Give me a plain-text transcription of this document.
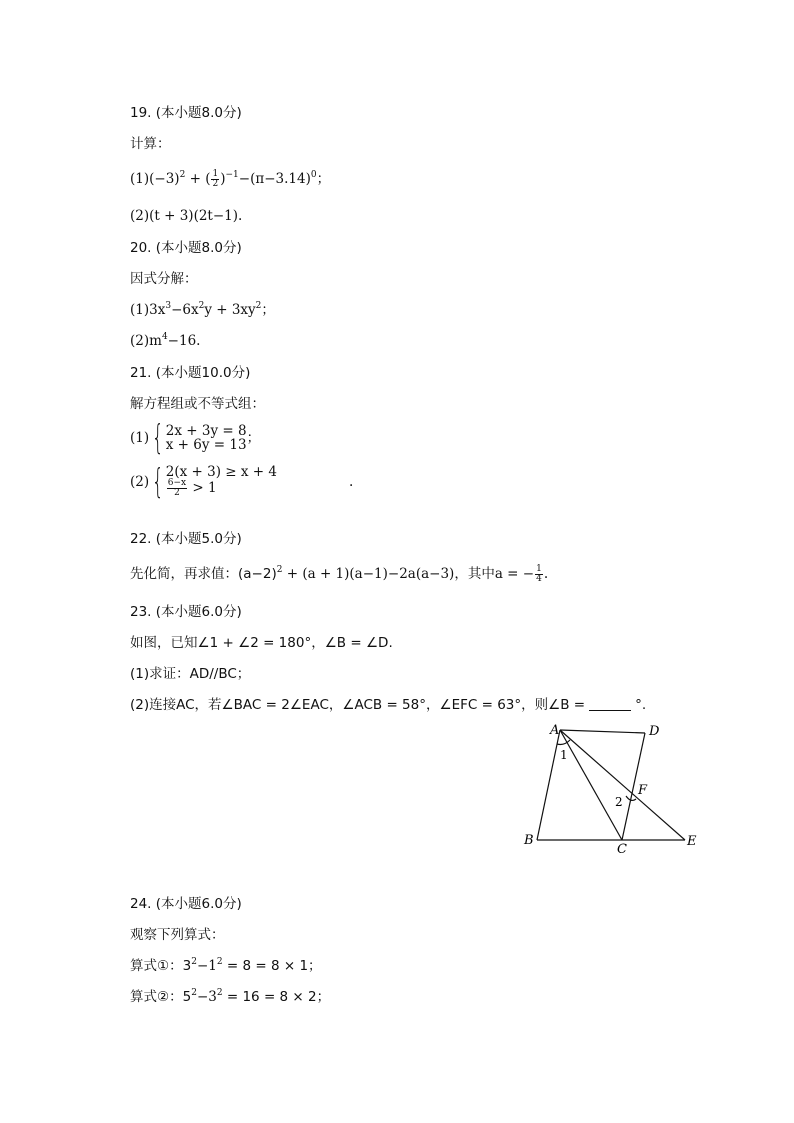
19. (本小题8.0分)
计算：
$(1)(-3)^2$ + ( $\frac{1}{2} )^{-1}-(\pi-3.14)^0$；
(2)(t + 3)(2t−1).
20. (本小题8.0分)
因式分解：
$(1)3x^3-6x^2y + 3xy^2$；
$(2)m^4-16$.
21. (本小题10.0分)
解方程组或不等式组：
(1) { 2x + 3y = 8
x + 6y = 13 ；
(2) { 2(x + 3) ≥ x + 4
$\frac{6-x}{2} > 1$	.
22. (本小题5.0分)
先化简，再求值：$(a-2)^2 + (a + 1)(a-1)-2a(a-3)$，其中a = − $\frac{1}{4}$ .
23. (本小题6.0分)
如图，已知∠1 + ∠2 = 180°，∠B = ∠D.
(1)求证：AD//BC；
(2)连接AC，若∠BAC = 2∠EAC，∠ACB = 58°，∠EFC = 63°，则∠B =	°.
A	D
1
F
2
B
C
E
24. (本小题6.0分)
观察下列算式：
算式①：$3^2-1^2 = 8 = 8 \times 1$；
算式②：$5^2-3^2 = 16 = 8 \times 2$；
